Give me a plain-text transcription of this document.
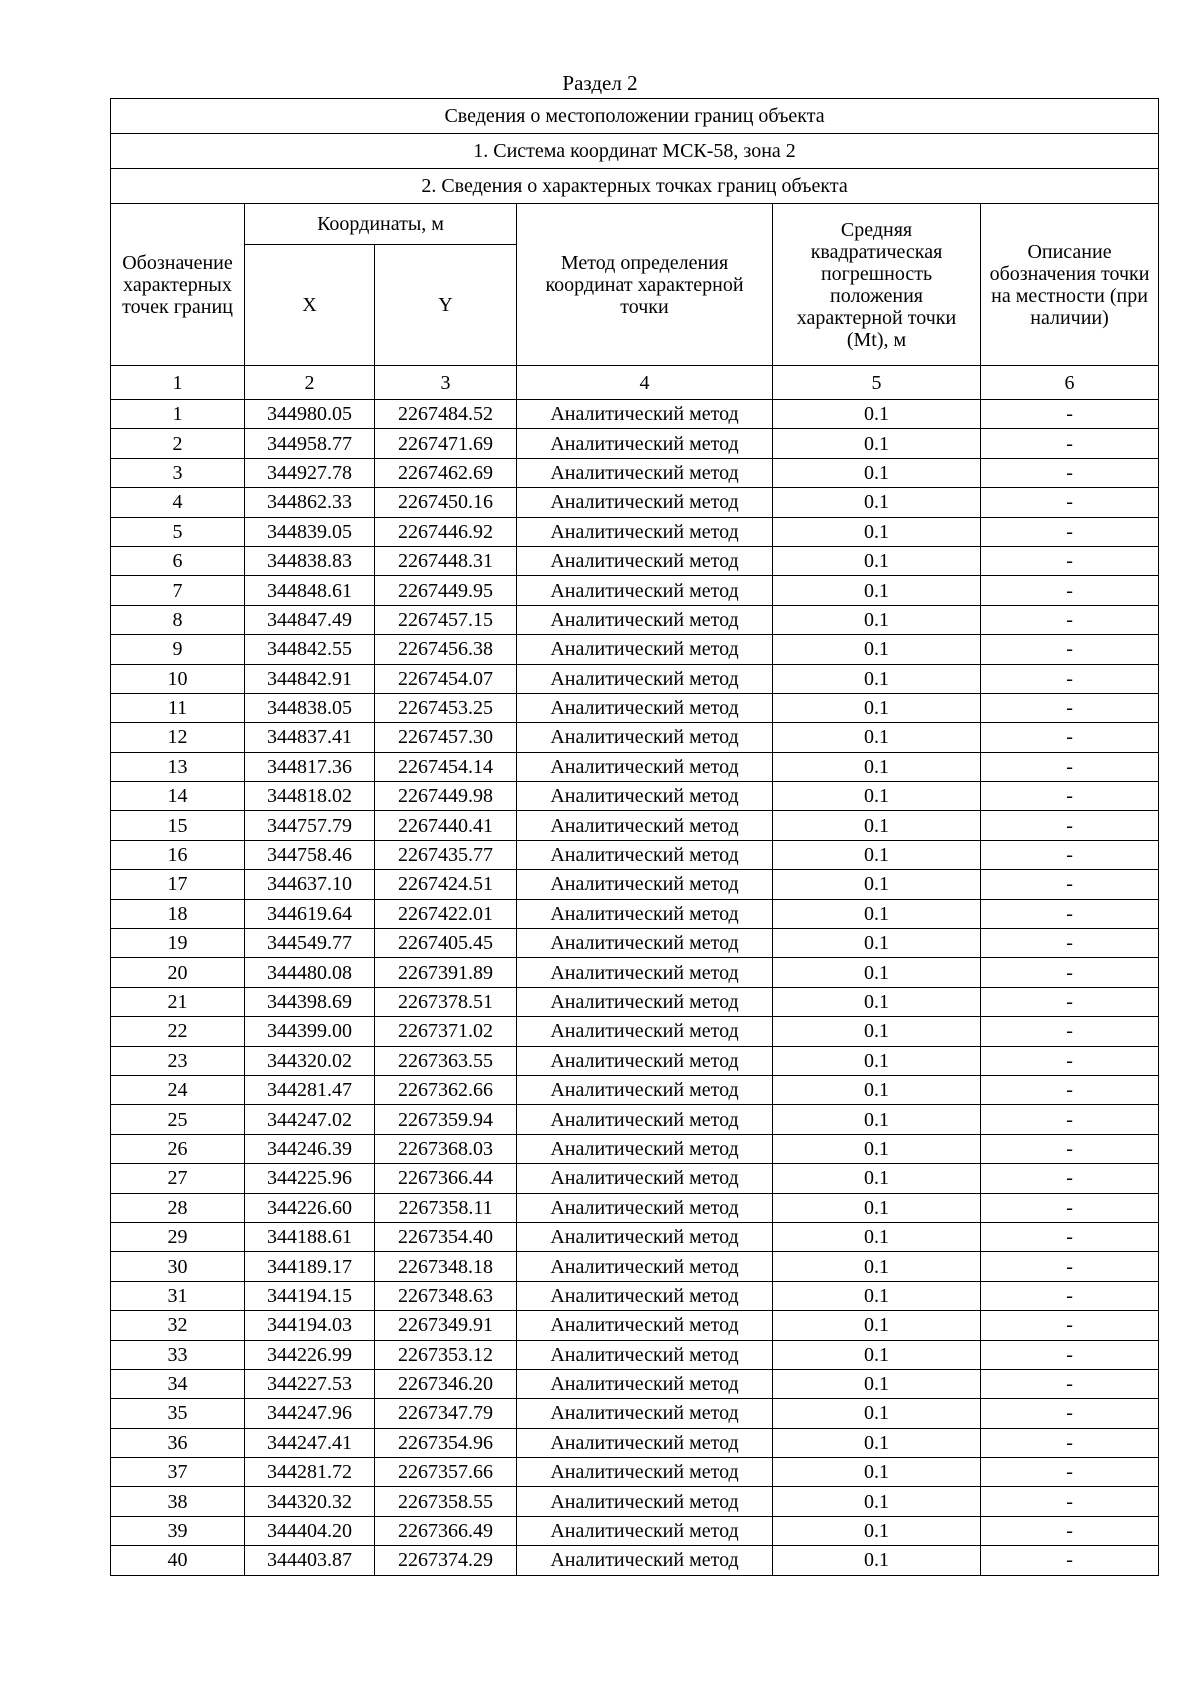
Раздел 2
Сведения о местоположении границ объекта					
1. Система координат МСК-58, зона 2					
2. Сведения о характерных точках границ объекта					
Обозначение характерных точек границ	Координаты, м		Метод определения координат характерной точки	Средняя квадратическая погрешность положения характерной точки (Mt), м	Описание обозначения точки на местности (при наличии)
	X	Y			
1	2	3	4	5	6
1	344980.05	2267484.52	Аналитический метод	0.1	-
2	344958.77	2267471.69	Аналитический метод	0.1	-
3	344927.78	2267462.69	Аналитический метод	0.1	-
4	344862.33	2267450.16	Аналитический метод	0.1	-
5	344839.05	2267446.92	Аналитический метод	0.1	-
6	344838.83	2267448.31	Аналитический метод	0.1	-
7	344848.61	2267449.95	Аналитический метод	0.1	-
8	344847.49	2267457.15	Аналитический метод	0.1	-
9	344842.55	2267456.38	Аналитический метод	0.1	-
10	344842.91	2267454.07	Аналитический метод	0.1	-
11	344838.05	2267453.25	Аналитический метод	0.1	-
12	344837.41	2267457.30	Аналитический метод	0.1	-
13	344817.36	2267454.14	Аналитический метод	0.1	-
14	344818.02	2267449.98	Аналитический метод	0.1	-
15	344757.79	2267440.41	Аналитический метод	0.1	-
16	344758.46	2267435.77	Аналитический метод	0.1	-
17	344637.10	2267424.51	Аналитический метод	0.1	-
18	344619.64	2267422.01	Аналитический метод	0.1	-
19	344549.77	2267405.45	Аналитический метод	0.1	-
20	344480.08	2267391.89	Аналитический метод	0.1	-
21	344398.69	2267378.51	Аналитический метод	0.1	-
22	344399.00	2267371.02	Аналитический метод	0.1	-
23	344320.02	2267363.55	Аналитический метод	0.1	-
24	344281.47	2267362.66	Аналитический метод	0.1	-
25	344247.02	2267359.94	Аналитический метод	0.1	-
26	344246.39	2267368.03	Аналитический метод	0.1	-
27	344225.96	2267366.44	Аналитический метод	0.1	-
28	344226.60	2267358.11	Аналитический метод	0.1	-
29	344188.61	2267354.40	Аналитический метод	0.1	-
30	344189.17	2267348.18	Аналитический метод	0.1	-
31	344194.15	2267348.63	Аналитический метод	0.1	-
32	344194.03	2267349.91	Аналитический метод	0.1	-
33	344226.99	2267353.12	Аналитический метод	0.1	-
34	344227.53	2267346.20	Аналитический метод	0.1	-
35	344247.96	2267347.79	Аналитический метод	0.1	-
36	344247.41	2267354.96	Аналитический метод	0.1	-
37	344281.72	2267357.66	Аналитический метод	0.1	-
38	344320.32	2267358.55	Аналитический метод	0.1	-
39	344404.20	2267366.49	Аналитический метод	0.1	-
40	344403.87	2267374.29	Аналитический метод	0.1	-
